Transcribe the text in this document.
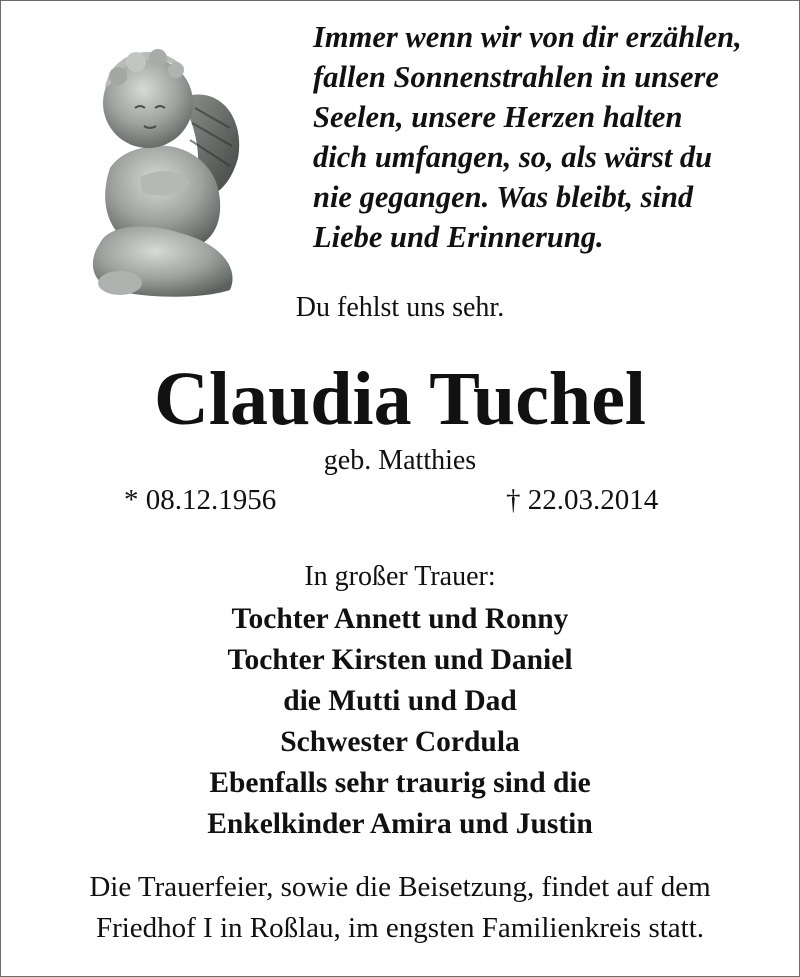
Immer wenn wir von dir erzählen,
fallen Sonnenstrahlen in unsere
Seelen, unsere Herzen halten
dich umfangen, so, als wärst du
nie gegangen. Was bleibt, sind
Liebe und Erinnerung.
Du fehlst uns sehr.
Claudia Tuchel
geb. Matthies
* 08.12.1956	† 22.03.2014
In großer Trauer:
Tochter Annett und Ronny
Tochter Kirsten und Daniel
die Mutti und Dad
Schwester Cordula
Ebenfalls sehr traurig sind die
Enkelkinder Amira und Justin
Die Trauerfeier, sowie die Beisetzung, findet auf dem
Friedhof I in Roßlau, im engsten Familienkreis statt.
